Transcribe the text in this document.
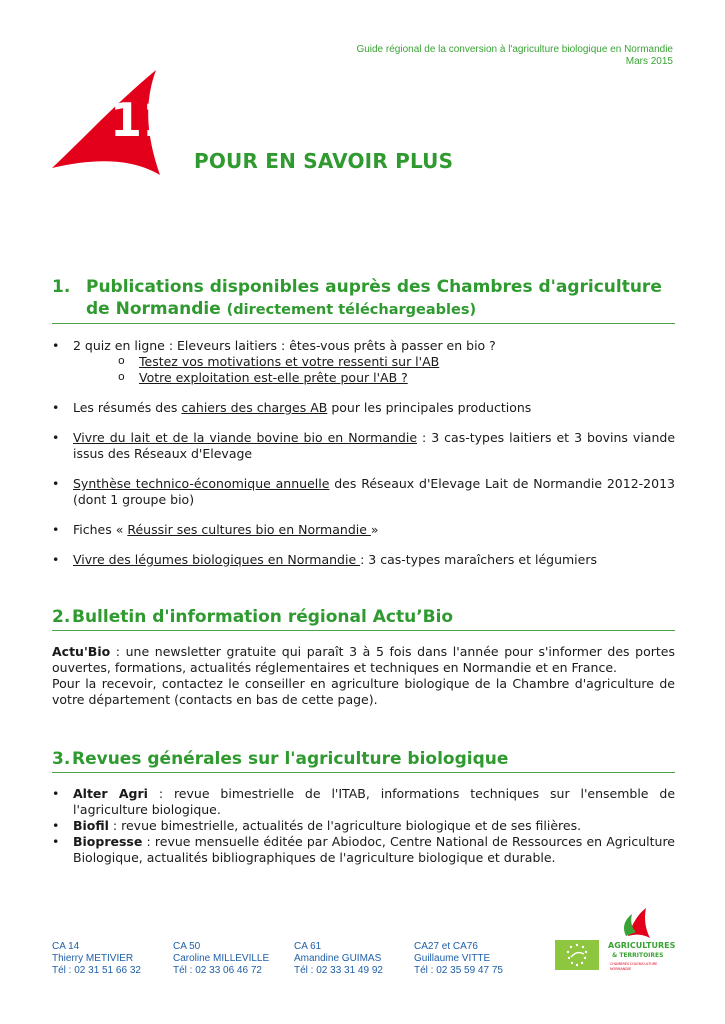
Guide régional de la conversion à l'agriculture biologique en Normandie
Mars 2015
11
POUR EN SAVOIR PLUS
1. Publications disponibles auprès des Chambres d'agriculture
de Normandie (directement téléchargeables)
• 2 quiz en ligne : Eleveurs laitiers : êtes-vous prêts à passer en bio ?
o Testez vos motivations et votre ressenti sur l'AB
o Votre exploitation est-elle prête pour l'AB ?
• Les résumés des cahiers des charges AB pour les principales productions
• Vivre du lait et de la viande bovine bio en Normandie : 3 cas-types laitiers et 3 bovins viande issus des Réseaux d'Elevage
• Synthèse technico-économique annuelle des Réseaux d'Elevage Lait de Normandie 2012-2013 (dont 1 groupe bio)
• Fiches « Réussir ses cultures bio en Normandie »
• Vivre des légumes biologiques en Normandie : 3 cas-types maraîchers et légumiers
2. Bulletin d'information régional Actu’Bio
Actu'Bio : une newsletter gratuite qui paraît 3 à 5 fois dans l'année pour s'informer des portes ouvertes, formations, actualités réglementaires et techniques en Normandie et en France.
Pour la recevoir, contactez le conseiller en agriculture biologique de la Chambre d'agriculture de votre département (contacts en bas de cette page).
3. Revues générales sur l'agriculture biologique
• Alter Agri : revue bimestrielle de l'ITAB, informations techniques sur l'ensemble de l'agriculture biologique.
• Biofil : revue bimestrielle, actualités de l'agriculture biologique et de ses filières.
• Biopresse : revue mensuelle éditée par Abiodoc, Centre National de Ressources en Agriculture Biologique, actualités bibliographiques de l'agriculture biologique et durable.
CA 14
Thierry METIVIER
Tél : 02 31 51 66 32
CA 50
Caroline MILLEVILLE
Tél : 02 33 06 46 72
CA 61
Amandine GUIMAS
Tél : 02 33 31 49 92
CA27 et CA76
Guillaume VITTE
Tél : 02 35 59 47 75
AGRICULTURES
& TERRITOIRES
CHAMBRES D'AGRICULTURE
NORMANDIE
